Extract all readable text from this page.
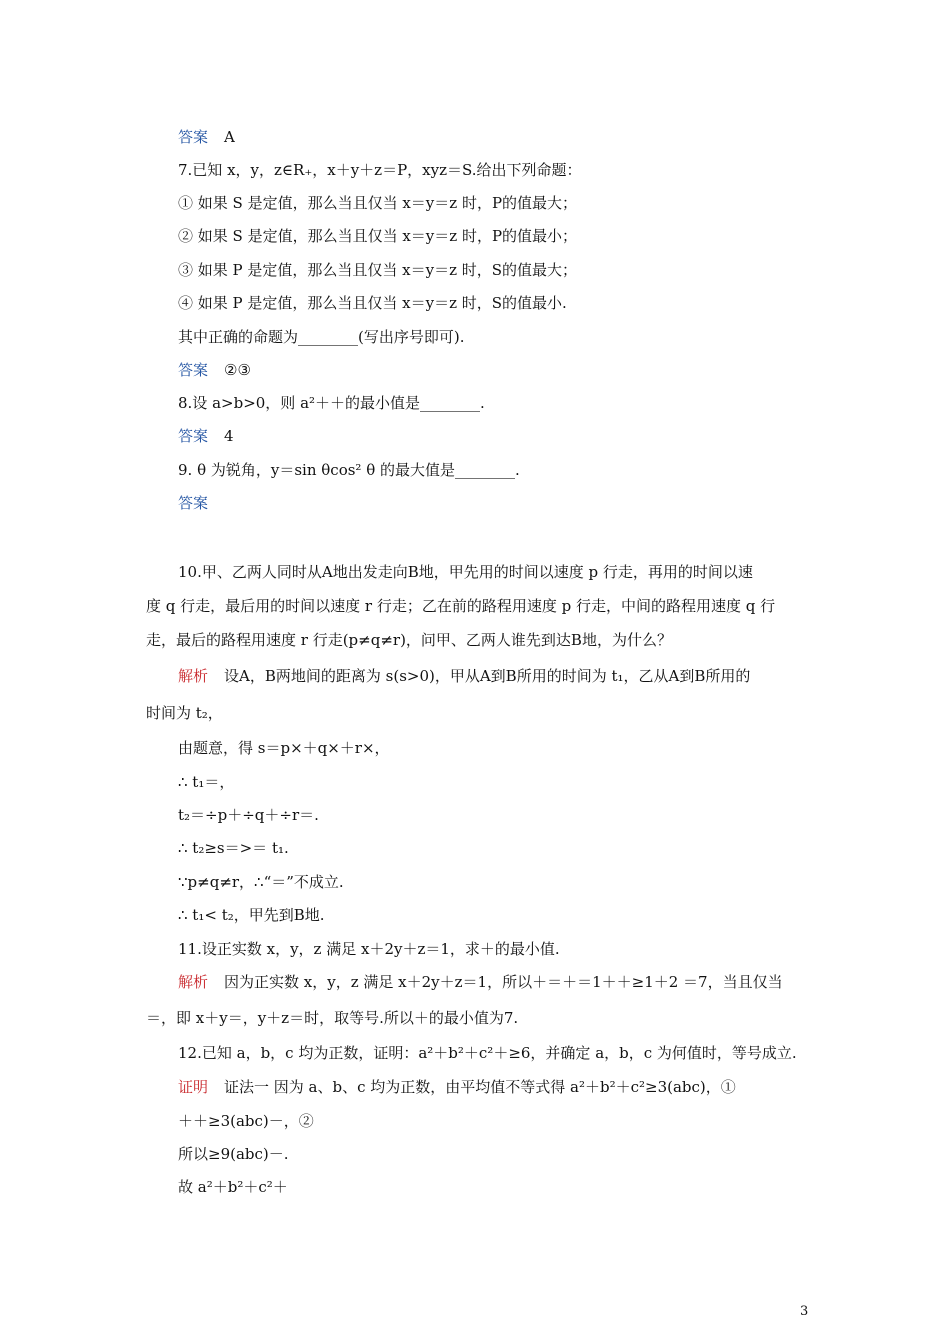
答案 A
7.已知 x，y，z∈R₊，x＋y＋z＝P，xyz＝S.给出下列命题：
① 如果 S 是定值，那么当且仅当 x＝y＝z 时，P的值最大；
② 如果 S 是定值，那么当且仅当 x＝y＝z 时，P的值最小；
③ 如果 P 是定值，那么当且仅当 x＝y＝z 时，S的值最大；
④ 如果 P 是定值，那么当且仅当 x＝y＝z 时，S的值最小.
其中正确的命题为________(写出序号即可).
答案 ②③
8.设 a>b>0，则 a²＋＋的最小值是________.
答案 4
9. θ 为锐角，y＝sin θcos² θ 的最大值是________.
答案
10.甲、乙两人同时从A地出发走向B地，甲先用的时间以速度 p 行走，再用的时间以速
度 q 行走，最后用的时间以速度 r 行走；乙在前的路程用速度 p 行走，中间的路程用速度 q 行
走，最后的路程用速度 r 行走(p≠q≠r)，问甲、乙两人谁先到达B地，为什么？
解析 设A，B两地间的距离为 s(s>0)，甲从A到B所用的时间为 t₁，乙从A到B所用的
时间为 t₂，
由题意，得 s＝p×＋q×＋r×，
∴ t₁＝，
t₂＝÷p＋÷q＋÷r＝.
∴ t₂≥s＝>＝ t₁.
∵p≠q≠r，∴“＝”不成立.
∴ t₁< t₂，甲先到B地.
11.设正实数 x，y，z 满足 x＋2y＋z＝1，求＋的最小值.
解析 因为正实数 x，y，z 满足 x＋2y＋z＝1，所以＋＝＋＝1＋＋≥1＋2 ＝7，当且仅当
＝，即 x＋y＝，y＋z＝时，取等号.所以＋的最小值为7.
12.已知 a，b，c 均为正数，证明：a²＋b²＋c²＋≥6，并确定 a，b，c 为何值时，等号成立.
证明 证法一 因为 a、b、c 均为正数，由平均值不等式得 a²＋b²＋c²≥3(abc)，①
＋＋≥3(abc)－，②
所以≥9(abc)－.
故 a²＋b²＋c²＋
3
